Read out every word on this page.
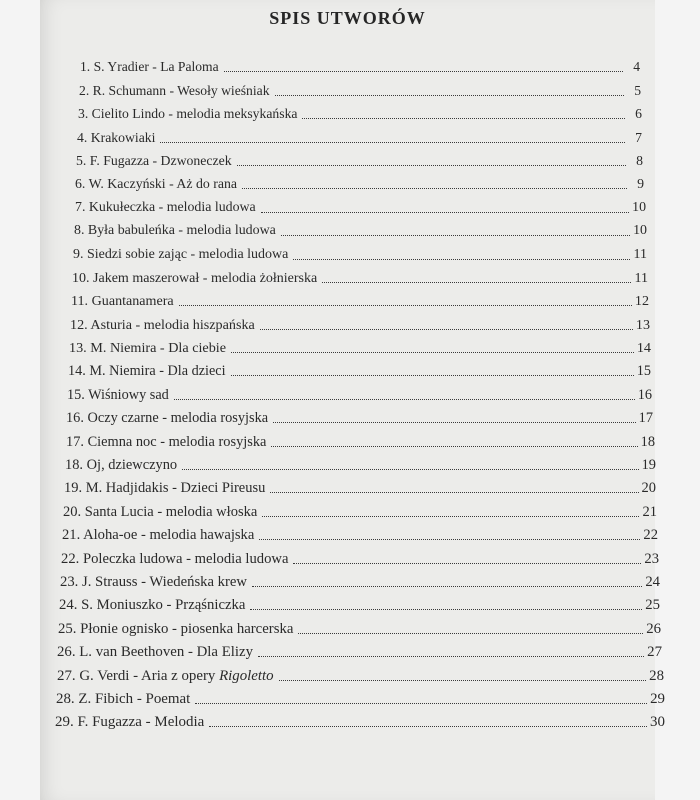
SPIS UTWORÓW
1. S. Yradier - La Paloma	4
2. R. Schumann - Wesoły wieśniak	5
3. Cielito Lindo - melodia meksykańska	6
4. Krakowiaki	7
5. F. Fugazza - Dzwoneczek	8
6. W. Kaczyński - Aż do rana	9
7. Kukułeczka - melodia ludowa	10
8. Była babuleńka - melodia ludowa	10
9. Siedzi sobie zając - melodia ludowa	11
10. Jakem maszerował - melodia żołnierska	11
11. Guantanamera	12
12. Asturia - melodia hiszpańska	13
13. M. Niemira - Dla ciebie	14
14. M. Niemira - Dla dzieci	15
15. Wiśniowy sad	16
16. Oczy czarne - melodia rosyjska	17
17. Ciemna noc - melodia rosyjska	18
18. Oj, dziewczyno	19
19. M. Hadjidakis - Dzieci Pireusu	20
20. Santa Lucia - melodia włoska	21
21. Aloha-oe - melodia hawajska	22
22. Poleczka ludowa - melodia ludowa	23
23. J. Strauss - Wiedeńska krew	24
24. S. Moniuszko - Prząśniczka	25
25. Płonie ognisko - piosenka harcerska	26
26. L. van Beethoven - Dla Elizy	27
27. G. Verdi - Aria z opery Rigoletto	28
28. Z. Fibich - Poemat	29
29. F. Fugazza - Melodia	30
